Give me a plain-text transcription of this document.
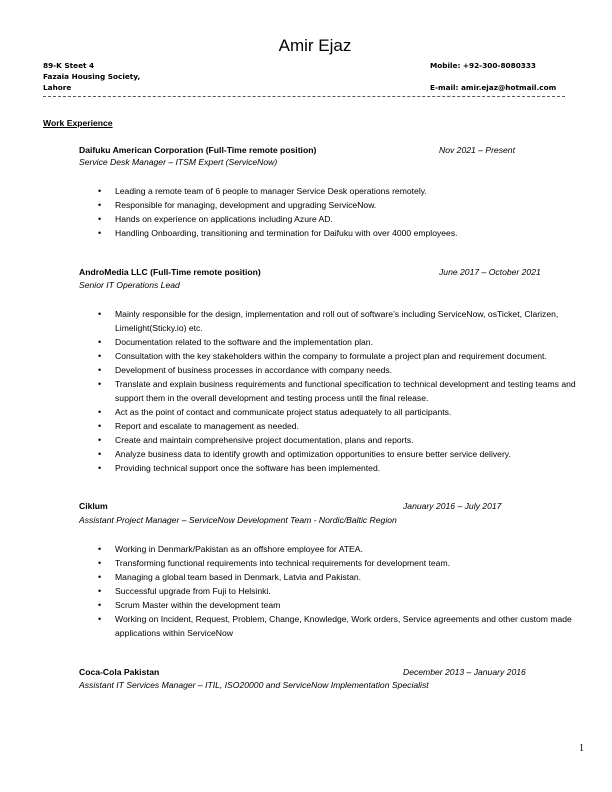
Amir Ejaz
89-K Steet 4
Fazaia Housing Society,
Lahore
Mobile: +92-300-8080333
E-mail: amir.ejaz@hotmail.com
Work Experience
Daifuku American Corporation (Full-Time remote position)	Nov 2021 – Present
Service Desk Manager – ITSM Expert (ServiceNow)
• Leading a remote team of 6 people to manager Service Desk operations remotely.
• Responsible for managing, development and upgrading ServiceNow.
• Hands on experience on applications including Azure AD.
• Handling Onboarding, transitioning and termination for Daifuku with over 4000 employees.
AndroMedia LLC (Full-Time remote position)	June 2017 – October 2021
Senior IT Operations Lead
• Mainly responsible for the design, implementation and roll out of software’s including ServiceNow, osTicket, Clarizen, Limelight(Sticky.io) etc.
• Documentation related to the software and the implementation plan.
• Consultation with the key stakeholders within the company to formulate a project plan and requirement document.
• Development of business processes in accordance with company needs.
• Translate and explain business requirements and functional specification to technical development and testing teams and support them in the overall development and testing process until the final release.
• Act as the point of contact and communicate project status adequately to all participants.
• Report and escalate to management as needed.
• Create and maintain comprehensive project documentation, plans and reports.
• Analyze business data to identify growth and optimization opportunities to ensure better service delivery.
• Providing technical support once the software has been implemented.
Ciklum	January 2016 – July 2017
Assistant Project Manager – ServiceNow Development Team - Nordic/Baltic Region
• Working in Denmark/Pakistan as an offshore employee for ATEA.
• Transforming functional requirements into technical requirements for development team.
• Managing a global team based in Denmark, Latvia and Pakistan.
• Successful upgrade from Fuji to Helsinki.
• Scrum Master within the development team
• Working on Incident, Request, Problem, Change, Knowledge, Work orders, Service agreements and other custom made applications within ServiceNow
Coca-Cola Pakistan	December 2013 – January 2016
Assistant IT Services Manager – ITIL, ISO20000 and ServiceNow Implementation Specialist
1
